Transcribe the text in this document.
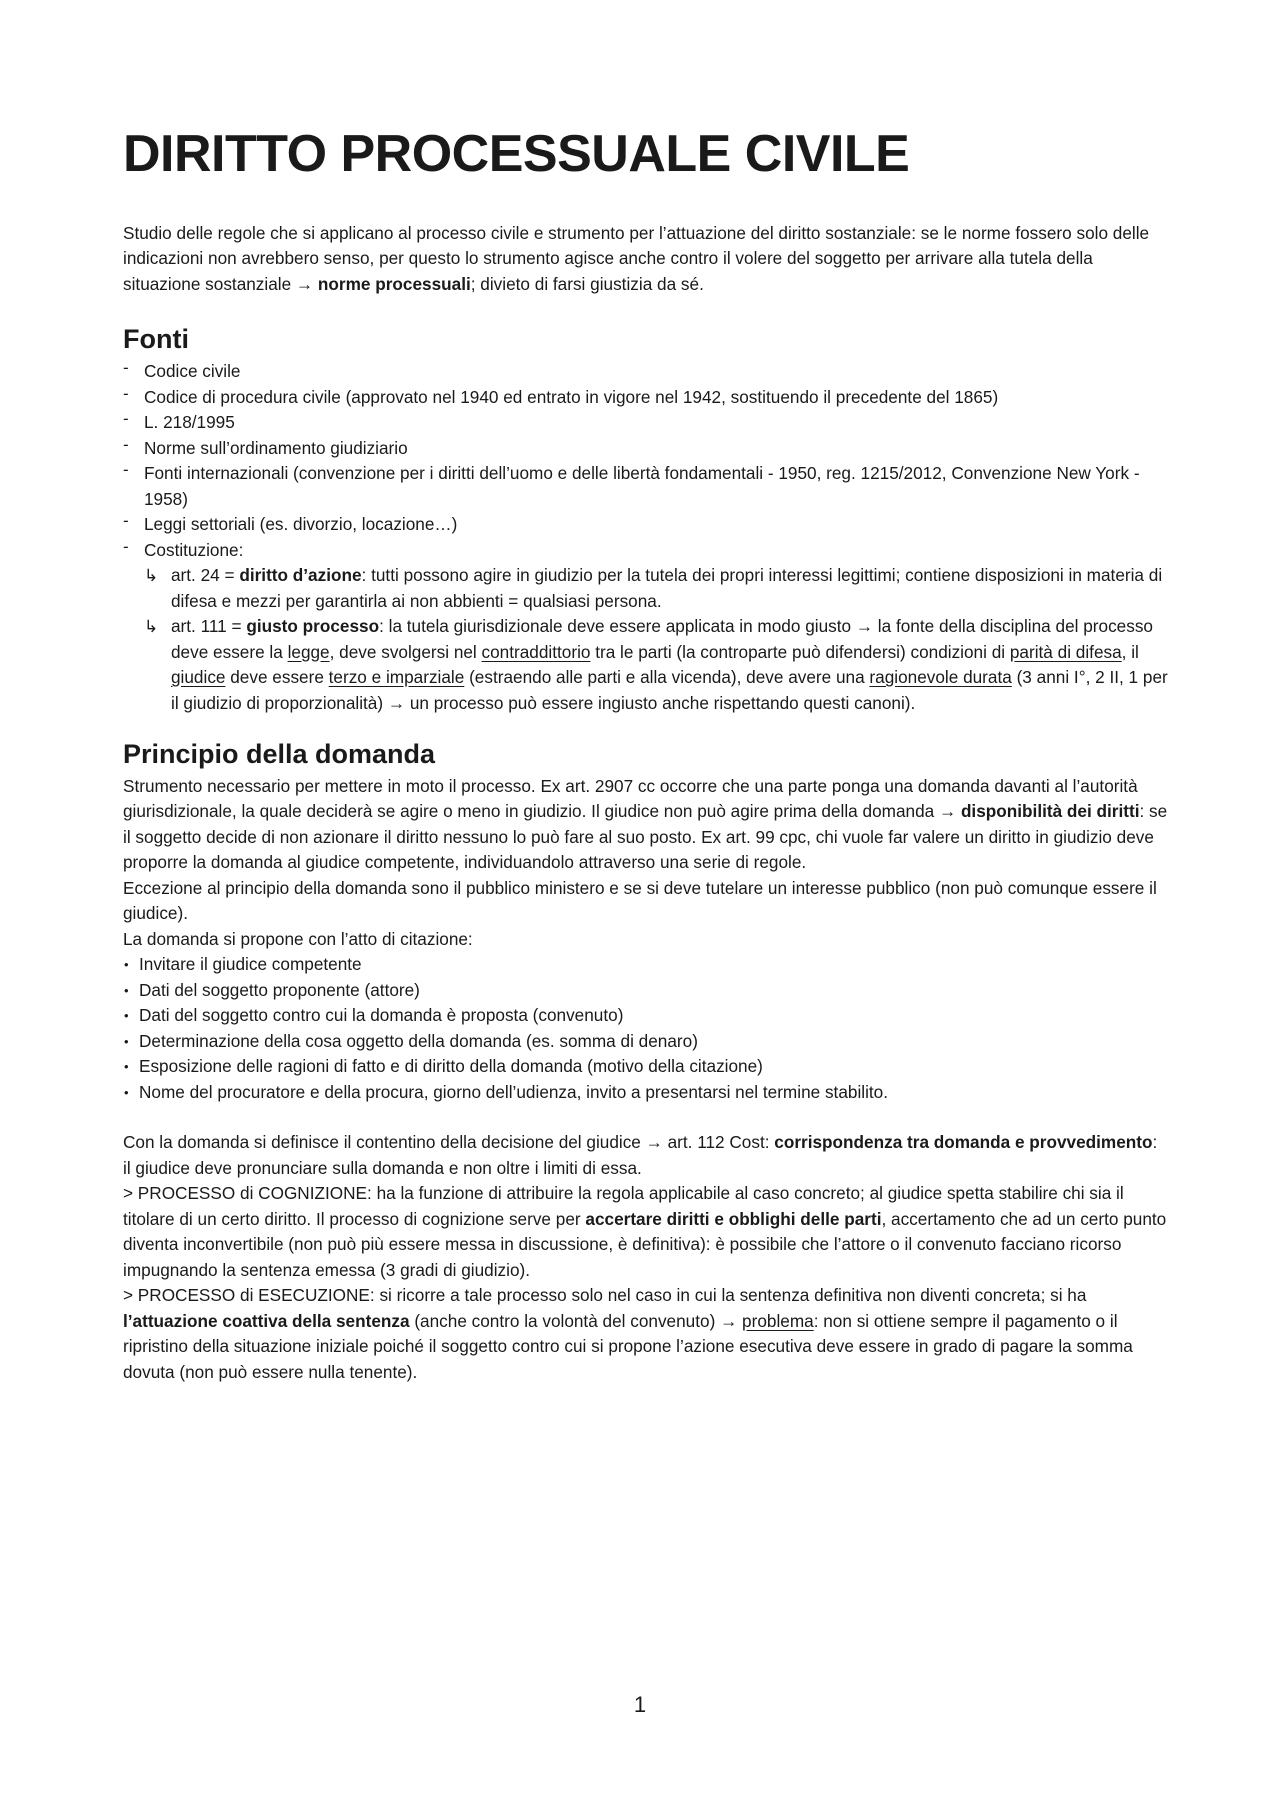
DIRITTO PROCESSUALE CIVILE

Studio delle regole che si applicano al processo civile e strumento per l’attuazione del diritto sostanziale: se le norme fossero solo delle indicazioni non avrebbero senso, per questo lo strumento agisce anche contro il volere del soggetto per arrivare alla tutela della situazione sostanziale → norme processuali; divieto di farsi giustizia da sé.

Fonti
- Codice civile
- Codice di procedura civile (approvato nel 1940 ed entrato in vigore nel 1942, sostituendo il precedente del 1865)
- L. 218/1995
- Norme sull’ordinamento giudiziario
- Fonti internazionali (convenzione per i diritti dell’uomo e delle libertà fondamentali - 1950, reg. 1215/2012, Convenzione New York - 1958)
- Leggi settoriali (es. divorzio, locazione…)
- Costituzione:
↳ art. 24 = diritto d’azione: tutti possono agire in giudizio per la tutela dei propri interessi legittimi; contiene disposizioni in materia di difesa e mezzi per garantirla ai non abbienti = qualsiasi persona.
↳ art. 111 = giusto processo: la tutela giurisdizionale deve essere applicata in modo giusto → la fonte della disciplina del processo deve essere la legge, deve svolgersi nel contraddittorio tra le parti (la controparte può difendersi) condizioni di parità di difesa, il giudice deve essere terzo e imparziale (estraendo alle parti e alla vicenda), deve avere una ragionevole durata (3 anni I°, 2 II, 1 per il giudizio di proporzionalità) → un processo può essere ingiusto anche rispettando questi canoni).
Principio della domanda

Strumento necessario per mettere in moto il processo. Ex art. 2907 cc occorre che una parte ponga una domanda davanti al l’autorità giurisdizionale, la quale deciderà se agire o meno in giudizio. Il giudice non può agire prima della domanda → disponibilità dei diritti: se il soggetto decide di non azionare il diritto nessuno lo può fare al suo posto. Ex art. 99 cpc, chi vuole far valere un diritto in giudizio deve proporre la domanda al giudice competente, individuandolo attraverso una serie di regole.

Eccezione al principio della domanda sono il pubblico ministero e se si deve tutelare un interesse pubblico (non può comunque essere il giudice).

La domanda si propone con l’atto di citazione:

• Invitare il giudice competente
• Dati del soggetto proponente (attore)
• Dati del soggetto contro cui la domanda è proposta (convenuto)
• Determinazione della cosa oggetto della domanda (es. somma di denaro)
• Esposizione delle ragioni di fatto e di diritto della domanda (motivo della citazione)
• Nome del procuratore e della procura, giorno dell’udienza, invito a presentarsi nel termine stabilito.

Con la domanda si definisce il contentino della decisione del giudice → art. 112 Cost: corrispondenza tra domanda e provvedimento: il giudice deve pronunciare sulla domanda e non oltre i limiti di essa.

> PROCESSO di COGNIZIONE: ha la funzione di attribuire la regola applicabile al caso concreto; al giudice spetta stabilire chi sia il titolare di un certo diritto. Il processo di cognizione serve per accertare diritti e obblighi delle parti, accertamento che ad un certo punto diventa inconvertibile (non può più essere messa in discussione, è definitiva): è possibile che l’attore o il convenuto facciano ricorso impugnando la sentenza emessa (3 gradi di giudizio).

> PROCESSO di ESECUZIONE: si ricorre a tale processo solo nel caso in cui la sentenza definitiva non diventi concreta; si ha l’attuazione coattiva della sentenza (anche contro la volontà del convenuto) → problema: non si ottiene sempre il pagamento o il ripristino della situazione iniziale poiché il soggetto contro cui si propone l’azione esecutiva deve essere in grado di pagare la somma dovuta (non può essere nulla tenente).

1
